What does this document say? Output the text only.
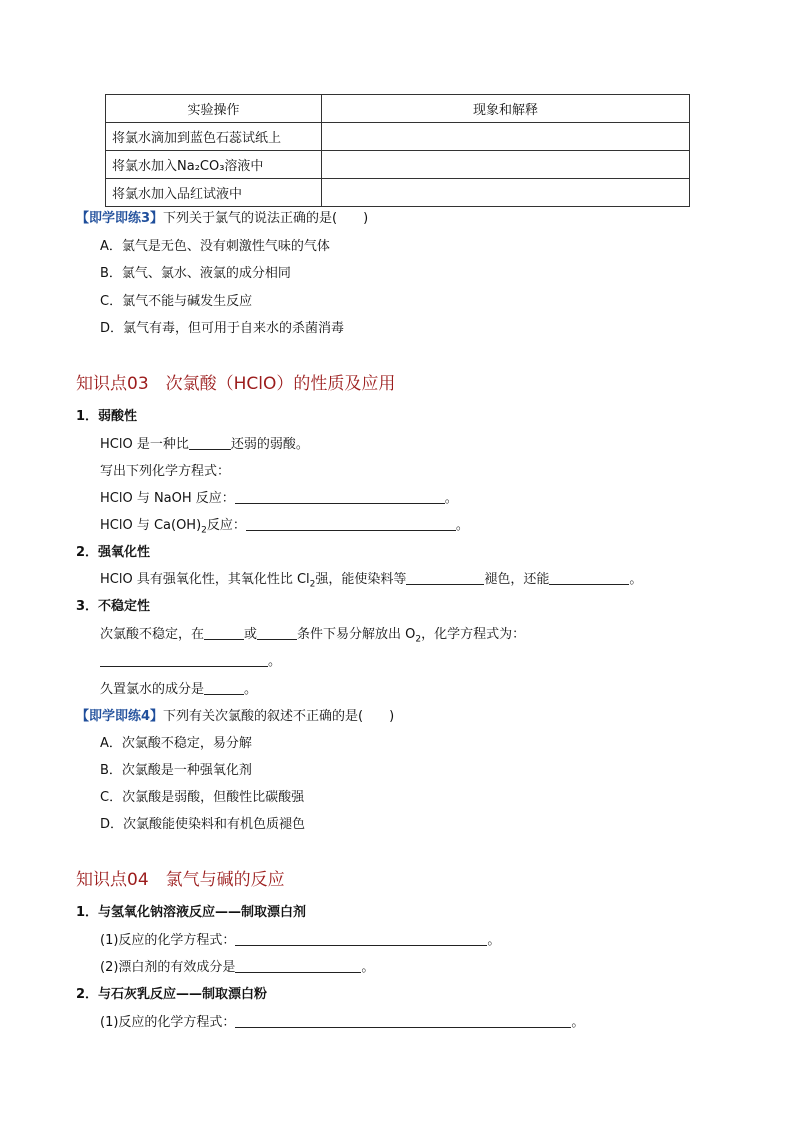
实验操作	现象和解释
将氯水滴加到蓝色石蕊试纸上	
将氯水加入Na₂CO₃溶液中	
将氯水加入品红试液中	
【即学即练3】下列关于氯气的说法正确的是(　　)
A．氯气是无色、没有刺激性气味的气体
B．氯气、氯水、液氯的成分相同
C．氯气不能与碱发生反应
D．氯气有毒，但可用于自来水的杀菌消毒
知识点03　次氯酸（HClO）的性质及应用
1．弱酸性
HClO 是一种比	还弱的弱酸。
写出下列化学方程式：
HClO 与 NaOH 反应：	。
HClO 与 $Ca(OH)_2$反应：	。
2．强氧化性
HClO 具有强氧化性，其氧化性比 $Cl_2$强，能使染料等	褪色，还能	。
3．不稳定性
次氯酸不稳定，在	或	条件下易分解放出 $O_2$，化学方程式为：
。
久置氯水的成分是	。
【即学即练4】下列有关次氯酸的叙述不正确的是(　　)
A．次氯酸不稳定，易分解
B．次氯酸是一种强氧化剂
C．次氯酸是弱酸，但酸性比碳酸强
D．次氯酸能使染料和有机色质褪色
知识点04　氯气与碱的反应
1．与氢氧化钠溶液反应——制取漂白剂
(1)反应的化学方程式：	。
(2)漂白剂的有效成分是	。
2．与石灰乳反应——制取漂白粉
(1)反应的化学方程式：	。
